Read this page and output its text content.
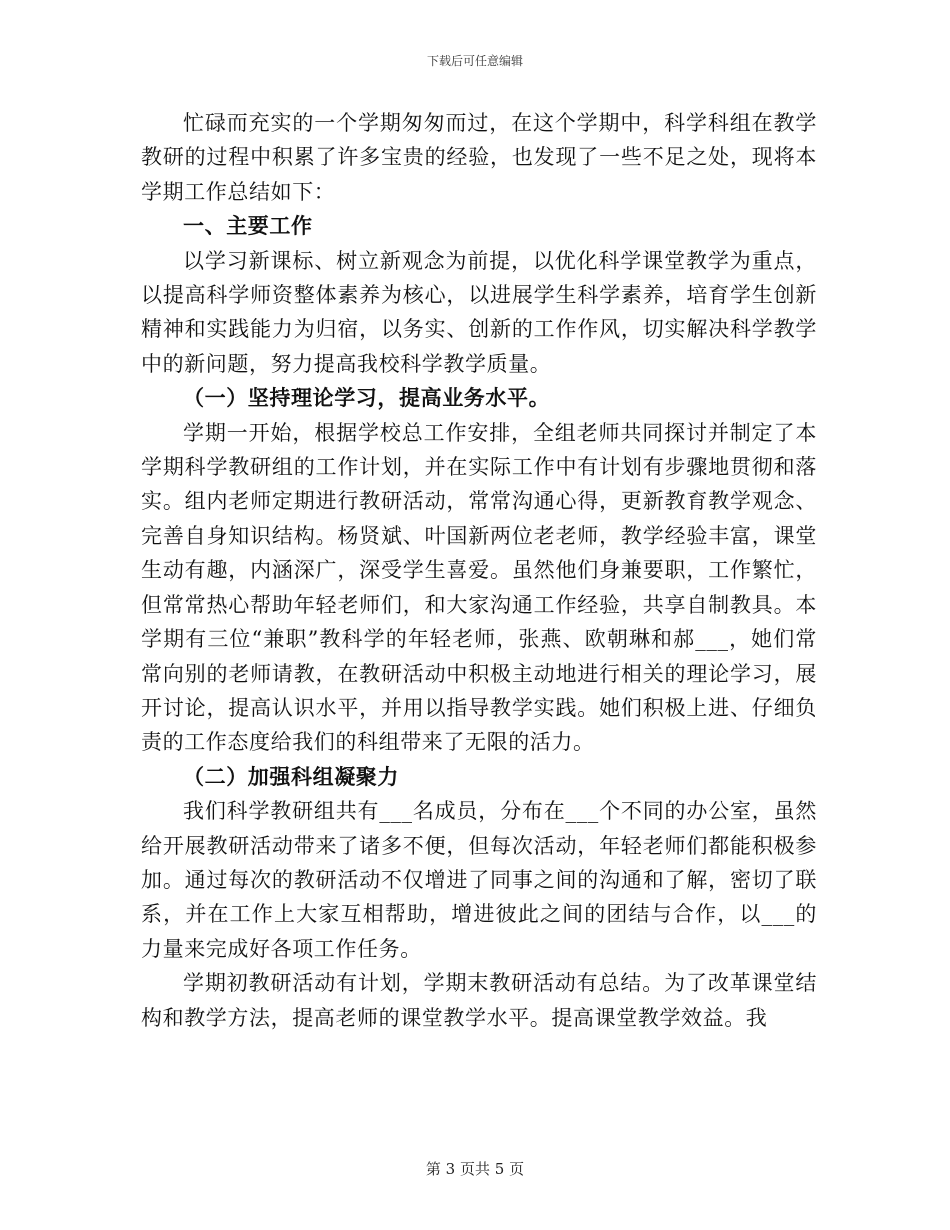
下载后可任意编辑

忙碌而充实的一个学期匆匆而过，在这个学期中，科学科组在教学教研的过程中积累了许多宝贵的经验，也发现了一些不足之处，现将本学期工作总结如下：

一、主要工作

以学习新课标、树立新观念为前提，以优化科学课堂教学为重点，以提高科学师资整体素养为核心，以进展学生科学素养，培育学生创新精神和实践能力为归宿，以务实、创新的工作作风，切实解决科学教学中的新问题，努力提高我校科学教学质量。

（一）坚持理论学习，提高业务水平。

学期一开始，根据学校总工作安排，全组老师共同探讨并制定了本学期科学教研组的工作计划，并在实际工作中有计划有步骤地贯彻和落实。组内老师定期进行教研活动，常常沟通心得，更新教育教学观念、完善自身知识结构。杨贤斌、叶国新两位老老师，教学经验丰富，课堂生动有趣，内涵深广，深受学生喜爱。虽然他们身兼要职，工作繁忙，但常常热心帮助年轻老师们，和大家沟通工作经验，共享自制教具。本学期有三位“兼职”教科学的年轻老师，张燕、欧朝琳和郝___，她们常常向别的老师请教，在教研活动中积极主动地进行相关的理论学习，展开讨论，提高认识水平，并用以指导教学实践。她们积极上进、仔细负责的工作态度给我们的科组带来了无限的活力。

（二）加强科组凝聚力

我们科学教研组共有___名成员，分布在___个不同的办公室，虽然给开展教研活动带来了诸多不便，但每次活动，年轻老师们都能积极参加。通过每次的教研活动不仅增进了同事之间的沟通和了解，密切了联系，并在工作上大家互相帮助，增进彼此之间的团结与合作，以___的力量来完成好各项工作任务。

学期初教研活动有计划，学期末教研活动有总结。为了改革课堂结构和教学方法，提高老师的课堂教学水平。提高课堂教学效益。我

第 3 页共 5 页
